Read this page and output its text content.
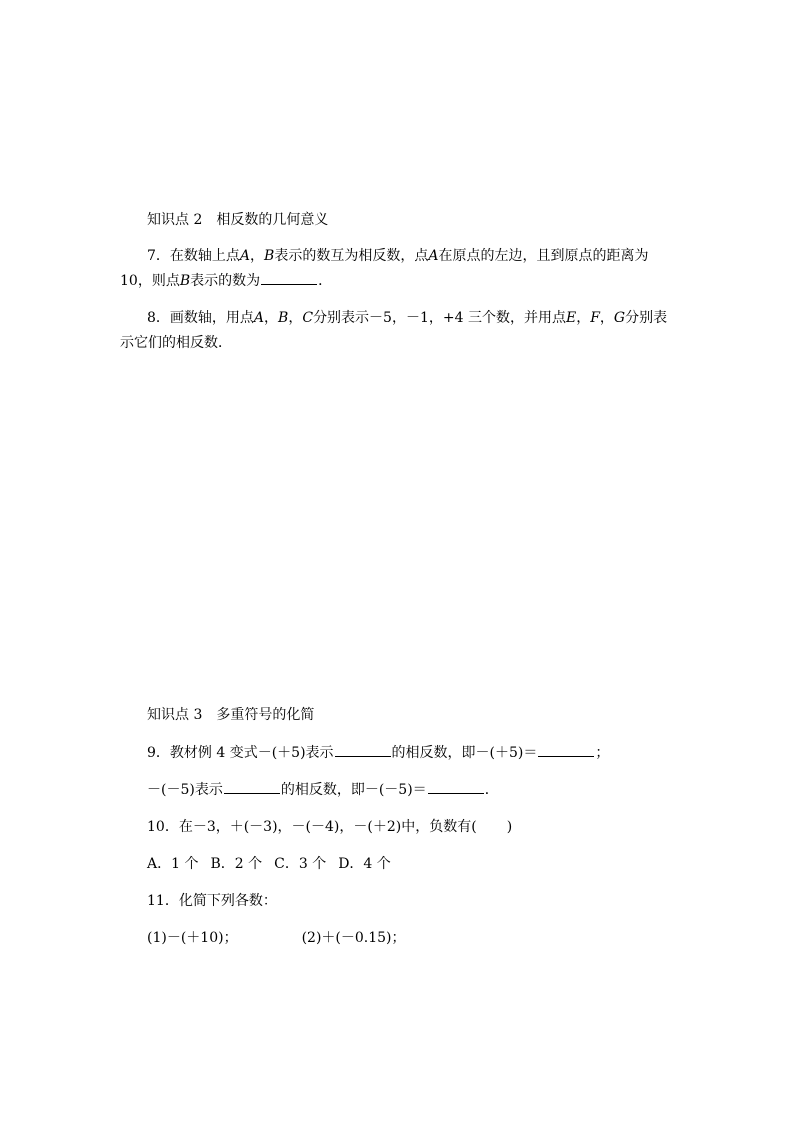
知识点 2　相反数的几何意义
7．在数轴上点A，B表示的数互为相反数，点A在原点的左边，且到原点的距离为
10，则点B表示的数为	．
8．画数轴，用点A，B，C分别表示－5，－1，+4 三个数，并用点E，F，G分别表
示它们的相反数．
知识点 3　多重符号的化简
9．教材例 4 变式－(＋5)表示	的相反数，即－(＋5)＝	；
－(－5)表示	的相反数，即－(－5)＝	．
10．在－3，＋(－3)，－(－4)，－(＋2)中，负数有( )
A．1 个 B．2 个 C．3 个 D．4 个
11．化简下列各数：
(1)－(＋10)；	(2)＋(－0.15)；
